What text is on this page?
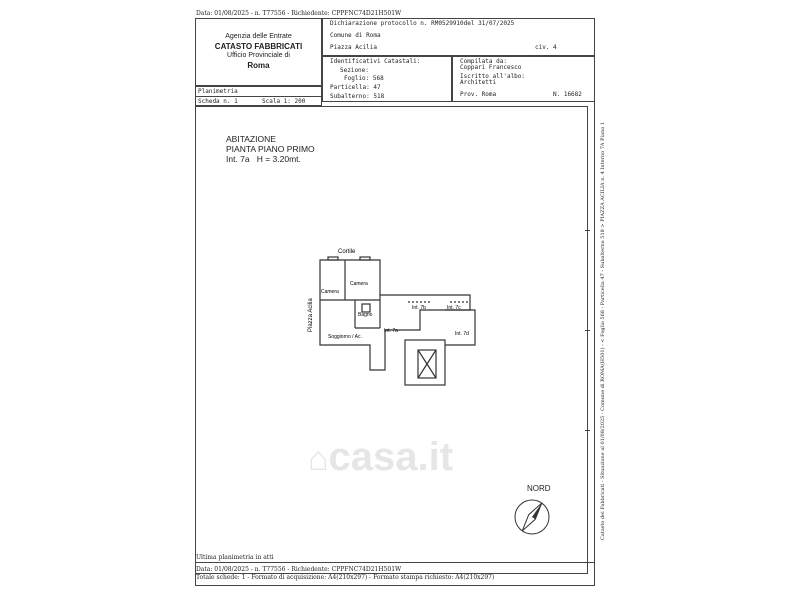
Data: 01/08/2025 - n. T77556 - Richiedente: CPPFNC74D21H501W
Agenzia delle Entrate
CATASTO FABBRICATI
Ufficio Provinciale di
Roma
Dichiarazione protocollo n. RM0529910del 31/07/2025
Comune di Roma
Piazza Acilia	civ. 4
Identificativi Catastali:
Sezione:
Foglio: 568
Particella: 47
Subalterno: 518
Compilata da:
Coppari Francesco
Iscritto all'albo:
Architetti
Prov. Roma	N. 16682
Planimetria
Scheda n. 1	Scala 1: 200
ABITAZIONE
PIANTA PIANO PRIMO
Int. 7a   H = 3.20mt.
Cortile
Camera
Camera
Bagno
Soggiorno / Ac.
Int. 7a
Int. 7b	Int. 7c
Int. 7d
Piazza Acilia
⌂casa.it
NORD	Catasto dei Fabbricati - Situazione al 01/08/2025 - Comune di ROMA(H501) - < Foglio 568 - Particella 47 - Subalterno 518 > PIAZZA ACILIA n. 4 Interno 7A Piano 1
Ultima planimetria in atti
Data: 01/08/2025 - n. T77556 - Richiedente: CPPFNC74D21H501W
Totale schede: 1 - Formato di acquisizione: A4(210x297) - Formato stampa richiesto: A4(210x297)
